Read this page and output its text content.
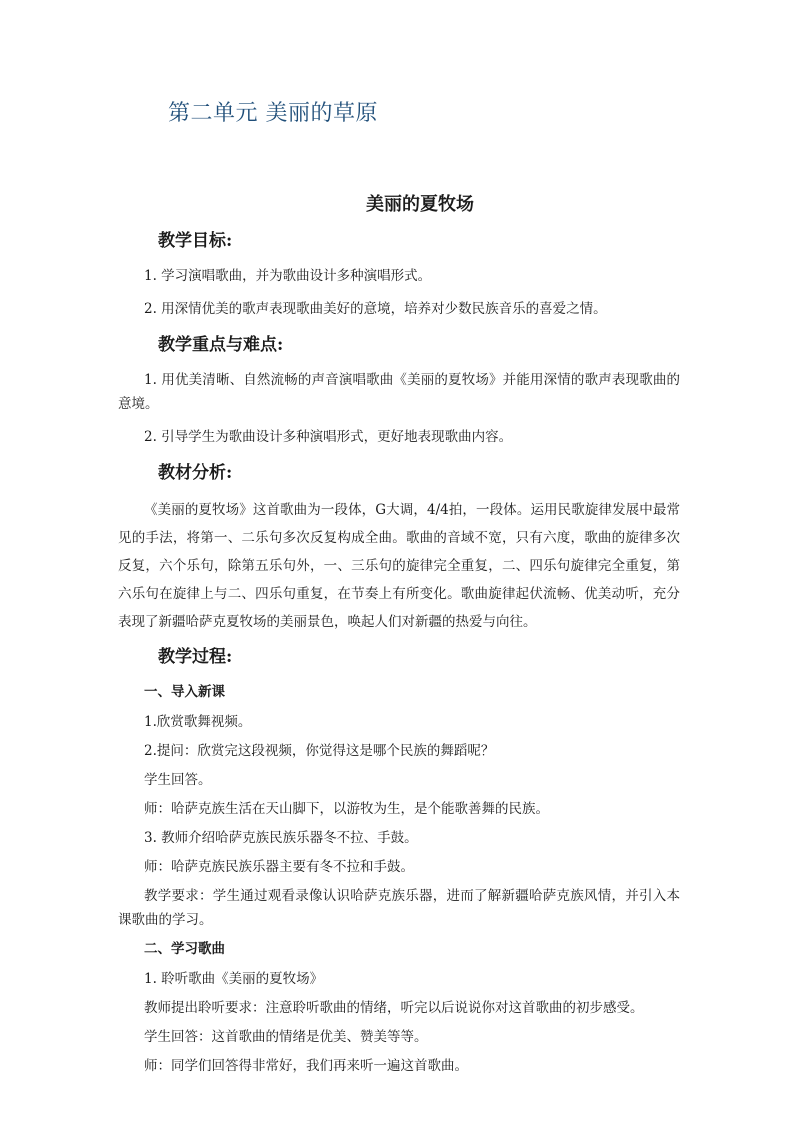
第二单元 美丽的草原
美丽的夏牧场
教学目标:
1. 学习演唱歌曲，并为歌曲设计多种演唱形式。
2. 用深情优美的歌声表现歌曲美好的意境，培养对少数民族音乐的喜爱之情。
教学重点与难点:
1. 用优美清晰、自然流畅的声音演唱歌曲《美丽的夏牧场》并能用深情的歌声表现歌曲的意境。
2. 引导学生为歌曲设计多种演唱形式，更好地表现歌曲内容。
教材分析:
《美丽的夏牧场》这首歌曲为一段体，G大调，4/4拍，一段体。运用民歌旋律发展中最常见的手法，将第一、二乐句多次反复构成全曲。歌曲的音域不宽，只有六度，歌曲的旋律多次反复，六个乐句，除第五乐句外，一、三乐句的旋律完全重复，二、四乐句旋律完全重复，第六乐句在旋律上与二、四乐句重复，在节奏上有所变化。歌曲旋律起伏流畅、优美动听，充分表现了新疆哈萨克夏牧场的美丽景色，唤起人们对新疆的热爱与向往。
教学过程:
一、导入新课
1.欣赏歌舞视频。
2.提问：欣赏完这段视频，你觉得这是哪个民族的舞蹈呢？
学生回答。
师：哈萨克族生活在天山脚下，以游牧为生，是个能歌善舞的民族。
3. 教师介绍哈萨克族民族乐器冬不拉、手鼓。
师：哈萨克族民族乐器主要有冬不拉和手鼓。
教学要求：学生通过观看录像认识哈萨克族乐器，进而了解新疆哈萨克族风情，并引入本课歌曲的学习。
二、学习歌曲
1. 聆听歌曲《美丽的夏牧场》
教师提出聆听要求：注意聆听歌曲的情绪，听完以后说说你对这首歌曲的初步感受。
学生回答：这首歌曲的情绪是优美、赞美等等。
师：同学们回答得非常好，我们再来听一遍这首歌曲。
